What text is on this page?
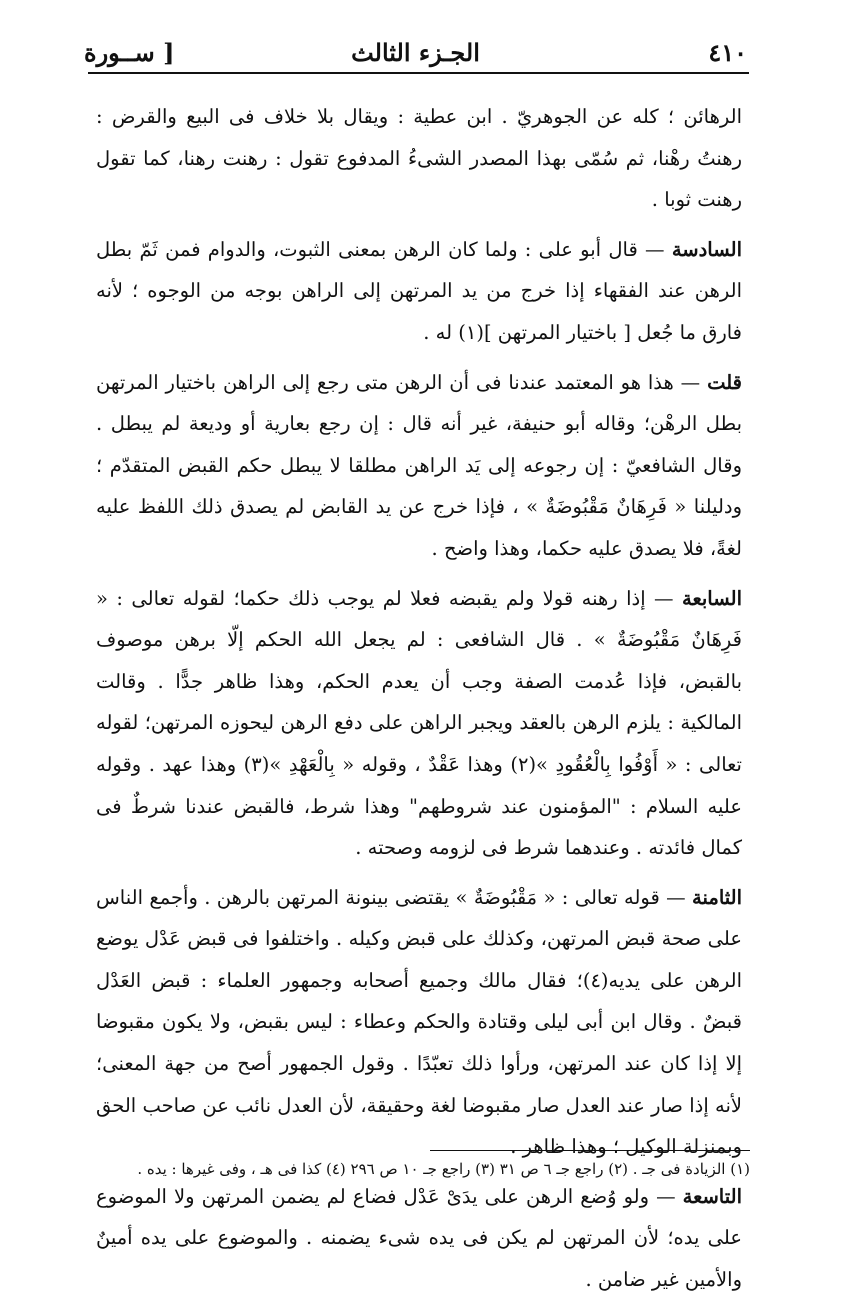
٤١٠
الجـزء الثالث
[ ســورة

الرهائن ؛ كله عن الجوهريّ . ابن عطية : ويقال بلا خلاف فى البيع والقرض : رهنتُ رهْنا، ثم سُمّى بهذا المصدر الشىءُ المدفوع تقول : رهنت رهنا، كما تقول رهنت ثوبا .

السادسة — قال أبو على : ولما كان الرهن بمعنى الثبوت، والدوام فمن ثَمّ بطل الرهن عند الفقهاء إذا خرج من يد المرتهن إلى الراهن بوجه من الوجوه ؛ لأنه فارق ما جُعل [ باختيار المرتهن ](١) له .

قلت — هذا هو المعتمد عندنا فى أن الرهن متى رجع إلى الراهن باختيار المرتهن بطل الرهْن؛ وقاله أبو حنيفة، غير أنه قال : إن رجع بعارية أو وديعة لم يبطل . وقال الشافعيّ : إن رجوعه إلى يَد الراهن مطلقا لا يبطل حكم القبض المتقدّم ؛ ودليلنا « فَرِهَانٌ مَقْبُوضَةٌ » ، فإذا خرج عن يد القابض لم يصدق ذلك اللفظ عليه لغةً، فلا يصدق عليه حكما، وهذا واضح .

السابعة — إذا رهنه قولا ولم يقبضه فعلا لم يوجب ذلك حكما؛ لقوله تعالى : « فَرِهَانٌ مَقْبُوضَةٌ » . قال الشافعى : لم يجعل الله الحكم إلّا برهن موصوف بالقبض، فإذا عُدمت الصفة وجب أن يعدم الحكم، وهذا ظاهر جدًّا . وقالت المالكية : يلزم الرهن بالعقد ويجبر الراهن على دفع الرهن ليحوزه المرتهن؛ لقوله تعالى : « أَوْفُوا بِالْعُقُودِ »(٢) وهذا عَقْدٌ ، وقوله « بِالْعَهْدِ »(٣) وهذا عهد . وقوله عليه السلام : "المؤمنون عند شروطهم" وهذا شرط، فالقبض عندنا شرطٌ فى كمال فائدته . وعندهما شرط فى لزومه وصحته .

الثامنة — قوله تعالى : « مَقْبُوضَةٌ » يقتضى بينونة المرتهن بالرهن . وأجمع الناس على صحة قبض المرتهن، وكذلك على قبض وكيله . واختلفوا فى قبض عَدْل يوضع الرهن على يديه(٤)؛ فقال مالك وجميع أصحابه وجمهور العلماء : قبض العَدْل قبضٌ . وقال ابن أبى ليلى وقتادة والحكم وعطاء : ليس بقبض، ولا يكون مقبوضا إلا إذا كان عند المرتهن، ورأوا ذلك تعبّدًا . وقول الجمهور أصح من جهة المعنى؛ لأنه إذا صار عند العدل صار مقبوضا لغة وحقيقة، لأن العدل نائب عن صاحب الحق وبمنزلة الوكيل ؛ وهذا ظاهر .

التاسعة — ولو وُضع الرهن على يدَىْ عَدْل فضاع لم يضمن المرتهن ولا الموضوع على يده؛ لأن المرتهن لم يكن فى يده شىء يضمنه . والموضوع على يده أمينٌ والأمين غير ضامن .

(١) الزيادة فى جـ . (٢) راجع جـ ٦ ص ٣١ (٣) راجع جـ ١٠ ص ٢٩٦ (٤) كذا فى هـ ، وفى غيرها : يده .
